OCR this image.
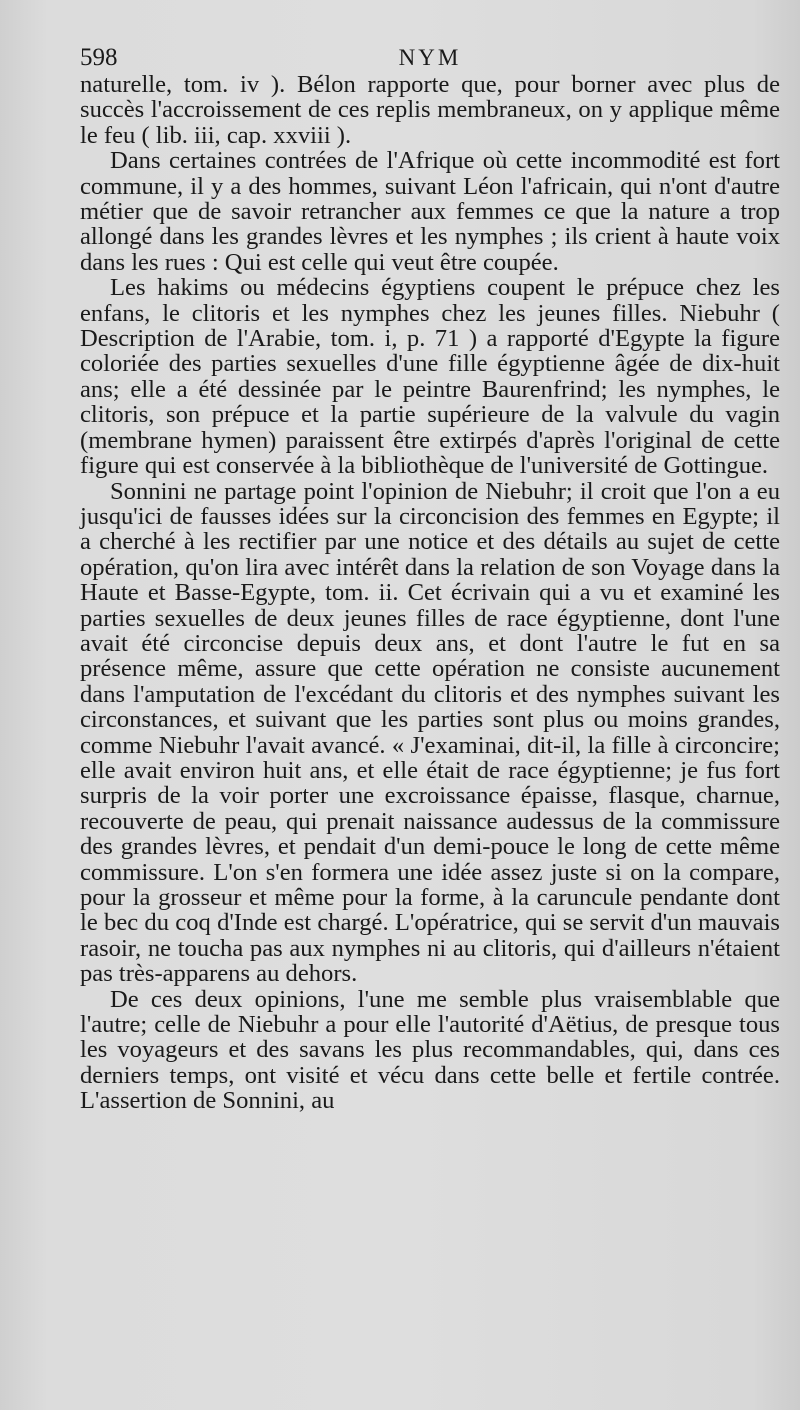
598	NYM

naturelle, tom. iv ). Bélon rapporte que, pour borner avec plus de succès l'accroissement de ces replis membraneux, on y applique même le feu ( lib. iii, cap. xxviii ).

Dans certaines contrées de l'Afrique où cette incommodité est fort commune, il y a des hommes, suivant Léon l'africain, qui n'ont d'autre métier que de savoir retrancher aux femmes ce que la nature a trop allongé dans les grandes lèvres et les nymphes ; ils crient à haute voix dans les rues : Qui est celle qui veut être coupée.

Les hakims ou médecins égyptiens coupent le prépuce chez les enfans, le clitoris et les nymphes chez les jeunes filles. Niebuhr ( Description de l'Arabie, tom. i, p. 71 ) a rapporté d'Egypte la figure coloriée des parties sexuelles d'une fille égyptienne âgée de dix-huit ans; elle a été dessinée par le peintre Baurenfrind; les nymphes, le clitoris, son prépuce et la partie supérieure de la valvule du vagin (membrane hymen) paraissent être extirpés d'après l'original de cette figure qui est conservée à la bibliothèque de l'université de Gottingue.

Sonnini ne partage point l'opinion de Niebuhr; il croit que l'on a eu jusqu'ici de fausses idées sur la circoncision des femmes en Egypte; il a cherché à les rectifier par une notice et des détails au sujet de cette opération, qu'on lira avec intérêt dans la relation de son Voyage dans la Haute et Basse-Egypte, tom. ii. Cet écrivain qui a vu et examiné les parties sexuelles de deux jeunes filles de race égyptienne, dont l'une avait été circoncise depuis deux ans, et dont l'autre le fut en sa présence même, assure que cette opération ne consiste aucunement dans l'amputation de l'excédant du clitoris et des nymphes suivant les circonstances, et suivant que les parties sont plus ou moins grandes, comme Niebuhr l'avait avancé. « J'examinai, dit-il, la fille à circoncire; elle avait environ huit ans, et elle était de race égyptienne; je fus fort surpris de la voir porter une excroissance épaisse, flasque, charnue, recouverte de peau, qui prenait naissance audessus de la commissure des grandes lèvres, et pendait d'un demi-pouce le long de cette même commissure. L'on s'en formera une idée assez juste si on la compare, pour la grosseur et même pour la forme, à la caruncule pendante dont le bec du coq d'Inde est chargé. L'opératrice, qui se servit d'un mauvais rasoir, ne toucha pas aux nymphes ni au clitoris, qui d'ailleurs n'étaient pas très-apparens au dehors.

De ces deux opinions, l'une me semble plus vraisemblable que l'autre; celle de Niebuhr a pour elle l'autorité d'Aëtius, de presque tous les voyageurs et des savans les plus recommandables, qui, dans ces derniers temps, ont visité et vécu dans cette belle et fertile contrée. L'assertion de Sonnini, au
